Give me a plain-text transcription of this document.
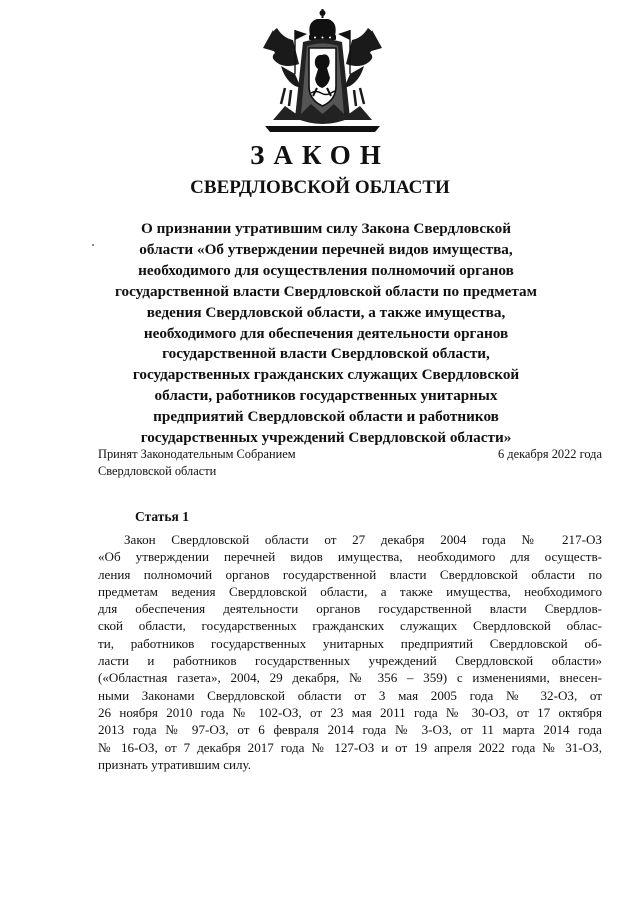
ЗАКОН
СВЕРДЛОВСКОЙ ОБЛАСТИ
О признании утратившим силу Закона Свердловской
области «Об утверждении перечней видов имущества,
необходимого для осуществления полномочий органов
государственной власти Свердловской области по предметам
ведения Свердловской области, а также имущества,
необходимого для обеспечения деятельности органов
государственной власти Свердловской области,
государственных гражданских служащих Свердловской
области, работников государственных унитарных
предприятий Свердловской области и работников
государственных учреждений Свердловской области»
Принят Законодательным Собранием
Свердловской области
6 декабря 2022 года
Статья 1
Закон Свердловской области от 27 декабря 2004 года № 217-ОЗ
«Об утверждении перечней видов имущества, необходимого для осуществ-
ления полномочий органов государственной власти Свердловской области по
предметам ведения Свердловской области, а также имущества, необходимого
для обеспечения деятельности органов государственной власти Свердлов-
ской области, государственных гражданских служащих Свердловской облас-
ти, работников государственных унитарных предприятий Свердловской об-
ласти и работников государственных учреждений Свердловской области»
(«Областная газета», 2004, 29 декабря, № 356 – 359) с изменениями, внесен-
ными Законами Свердловской области от 3 мая 2005 года № 32-ОЗ, от
26 ноября 2010 года № 102-ОЗ, от 23 мая 2011 года № 30-ОЗ, от 17 октября
2013 года № 97-ОЗ, от 6 февраля 2014 года № 3-ОЗ, от 11 марта 2014 года
№ 16-ОЗ, от 7 декабря 2017 года № 127-ОЗ и от 19 апреля 2022 года № 31-ОЗ,
признать утратившим силу.
